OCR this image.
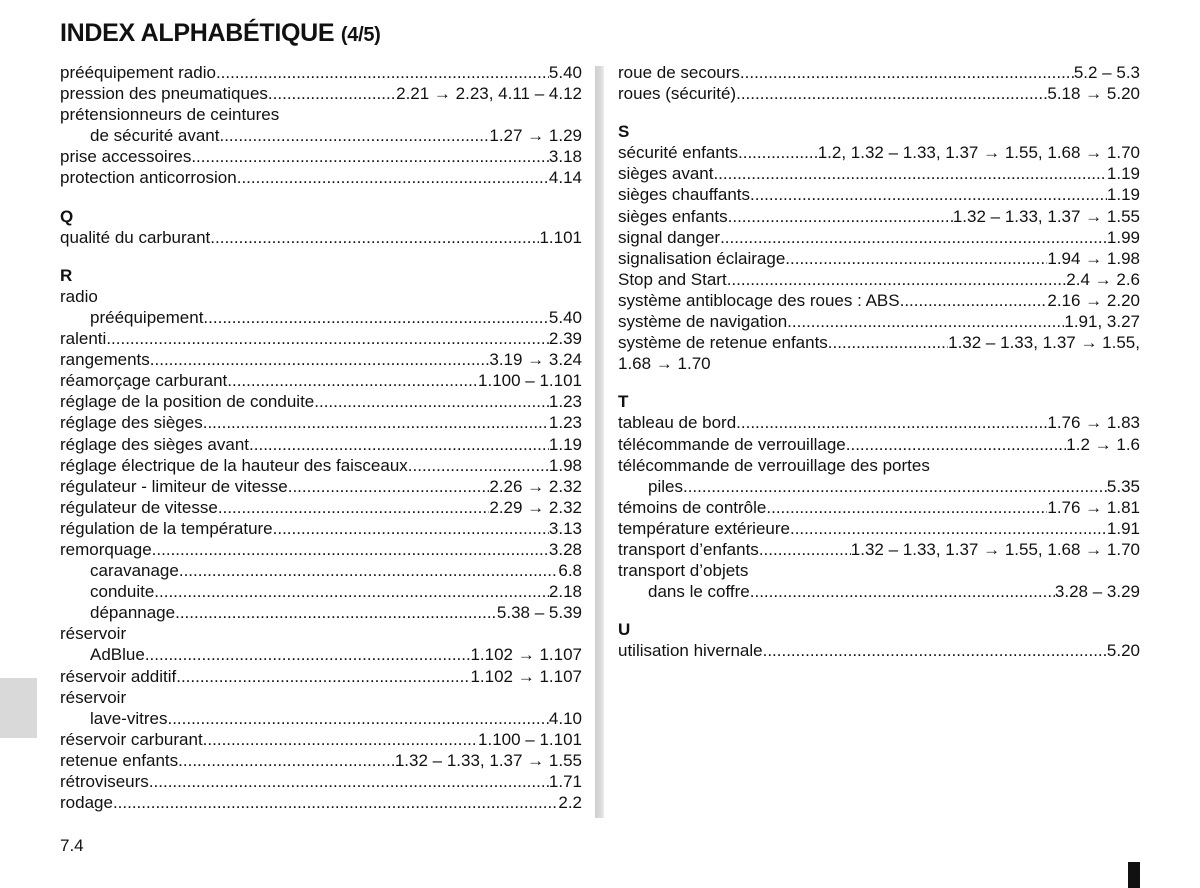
INDEX ALPHABÉTIQUE (4/5)
prééquipement radio .....	5.40
pression des pneumatiques .....	2.21 → 2.23, 4.11 – 4.12
prétensionneurs de ceintures
de sécurité avant .....	1.27 → 1.29
prise accessoires .....	3.18
protection anticorrosion .....	4.14
Q
qualité du carburant .....	1.101
R
radio
prééquipement .....	5.40
ralenti .....	2.39
rangements .....	3.19 → 3.24
réamorçage carburant .....	1.100 – 1.101
réglage de la position de conduite .....	1.23
réglage des sièges .....	1.23
réglage des sièges avant .....	1.19
réglage électrique de la hauteur des faisceaux .....	1.98
régulateur - limiteur de vitesse .....	2.26 → 2.32
régulateur de vitesse .....	2.29 → 2.32
régulation de la température .....	3.13
remorquage .....	3.28
caravanage .....	6.8
conduite .....	2.18
dépannage .....	5.38 – 5.39
réservoir
AdBlue .....	1.102 → 1.107
réservoir additif .....	1.102 → 1.107
réservoir
lave-vitres .....	4.10
réservoir carburant .....	1.100 – 1.101
retenue enfants .....	1.32 – 1.33, 1.37 → 1.55
rétroviseurs .....	1.71
rodage .....	2.2
roue de secours .....	5.2 – 5.3
roues (sécurité) .....	5.18 → 5.20
S
sécurité enfants .....	1.2, 1.32 – 1.33, 1.37 → 1.55, 1.68 → 1.70
sièges avant .....	1.19
sièges chauffants .....	1.19
sièges enfants .....	1.32 – 1.33, 1.37 → 1.55
signal danger .....	1.99
signalisation éclairage .....	1.94 → 1.98
Stop and Start .....	2.4 → 2.6
système antiblocage des roues : ABS .....	2.16 → 2.20
système de navigation .....	1.91, 3.27
système de retenue enfants .....	1.32 – 1.33, 1.37 → 1.55,
1.68 → 1.70
T
tableau de bord .....	1.76 → 1.83
télécommande de verrouillage .....	1.2 → 1.6
télécommande de verrouillage des portes
piles .....	5.35
témoins de contrôle .....	1.76 → 1.81
température extérieure .....	1.91
transport d’enfants .....	1.32 – 1.33, 1.37 → 1.55, 1.68 → 1.70
transport d’objets
dans le coffre .....	3.28 – 3.29
U
utilisation hivernale .....	5.20
7.4
